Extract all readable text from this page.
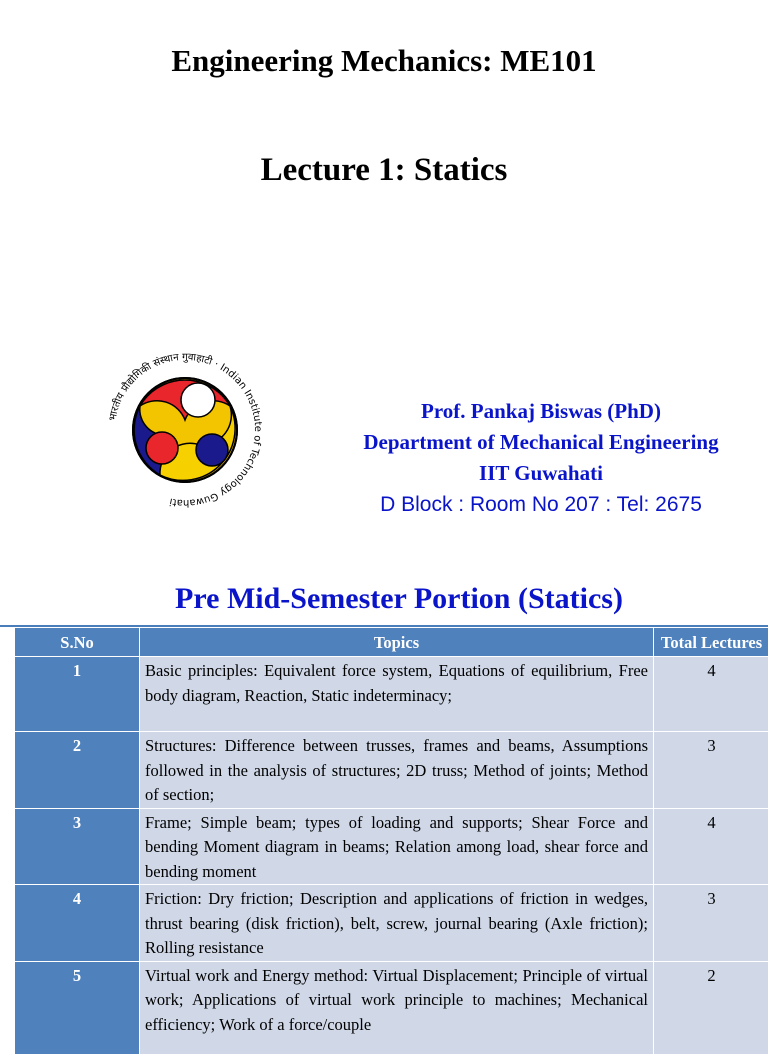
Engineering Mechanics: ME101
Lecture 1: Statics
भारतीय प्रौद्योगिकी संस्थान गुवाहाटी · Indian Institute of Technology Guwahati
Prof. Pankaj Biswas (PhD)
Department of Mechanical Engineering
IIT Guwahati
D Block : Room No 207 : Tel: 2675
Pre Mid-Semester Portion (Statics)
S.No	Topics	Total Lectures
1	Basic principles: Equivalent force system, Equations of equilibrium, Free body diagram, Reaction, Static indeterminacy;	4
2	Structures: Difference between trusses, frames and beams, Assumptions followed in the analysis of structures; 2D truss; Method of joints; Method of section;	3
3	Frame; Simple beam; types of loading and supports; Shear Force and bending Moment diagram in beams; Relation among load, shear force and bending moment	4
4	Friction: Dry friction; Description and applications of friction in wedges, thrust bearing (disk friction), belt, screw, journal bearing (Axle friction); Rolling resistance	3
5	Virtual work and Energy method: Virtual Displacement; Principle of virtual work; Applications of virtual work principle to machines; Mechanical efficiency; Work of a force/couple	2
